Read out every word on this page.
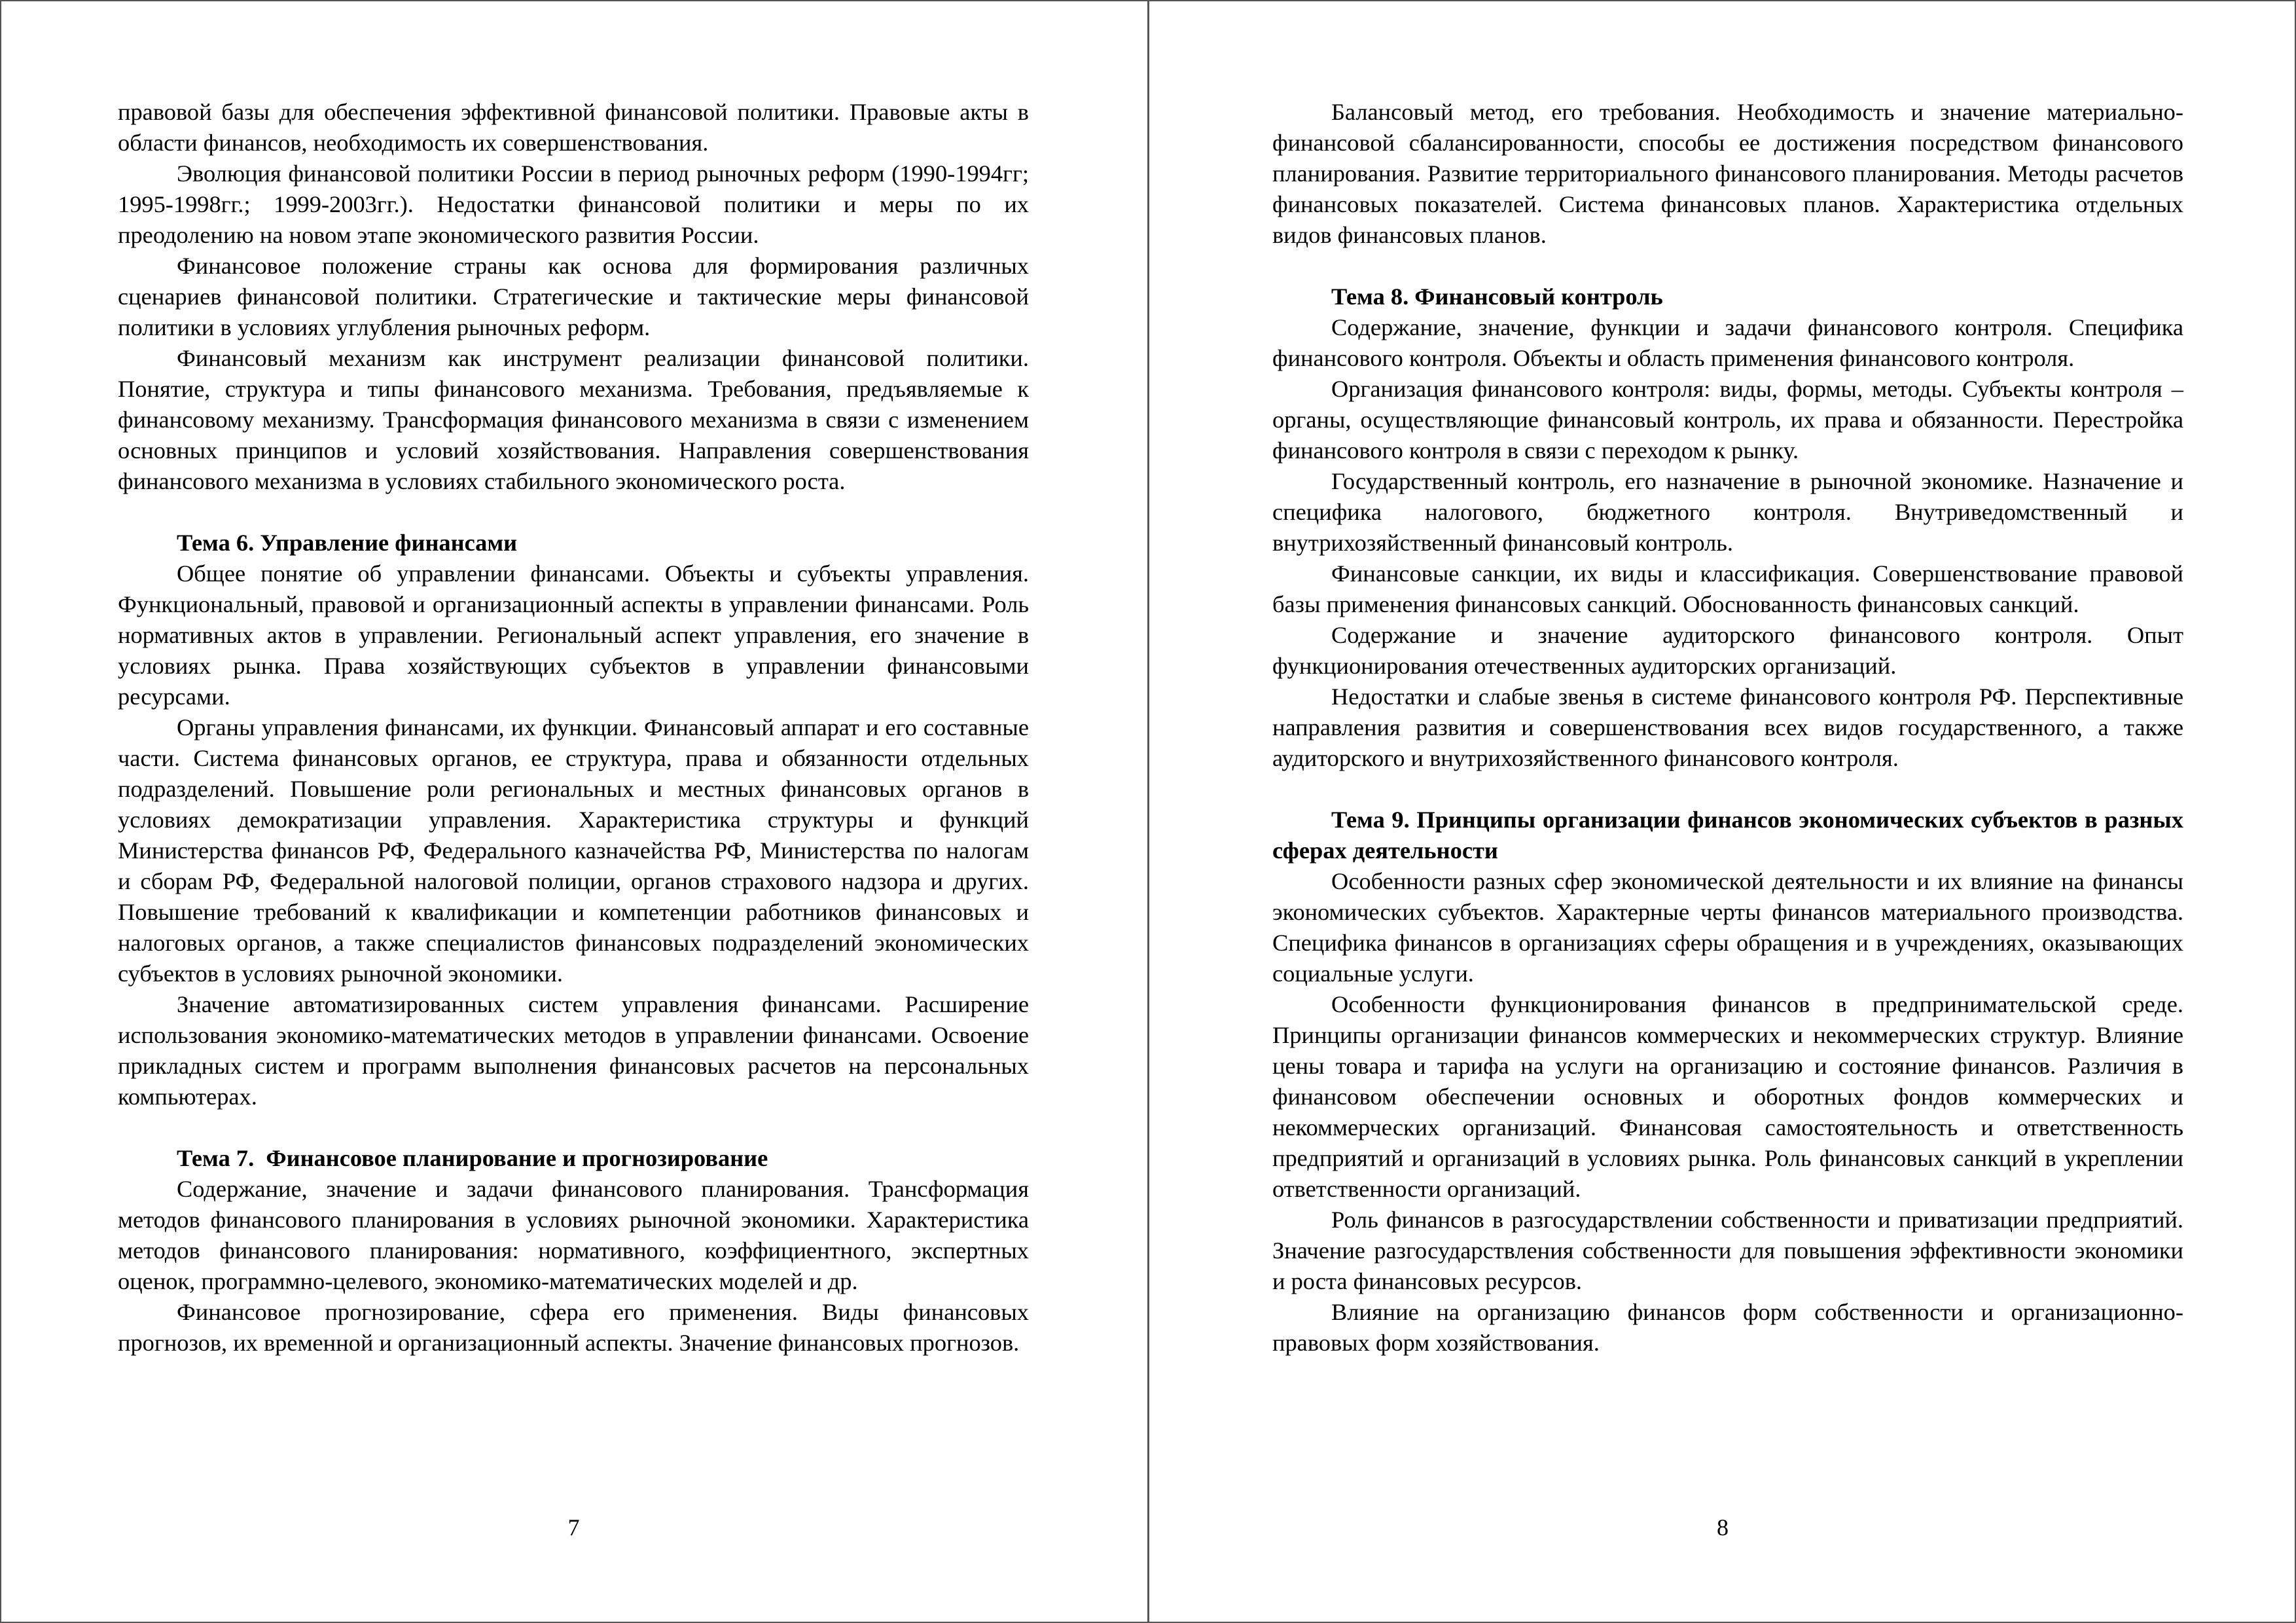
правовой базы для обеспечения эффективной финансовой политики. Правовые акты в области финансов, необходимость их совершенствования.

Эволюция финансовой политики России в период рыночных реформ (1990-1994гг; 1995-1998гг.; 1999-2003гг.). Недостатки финансовой политики и меры по их преодолению на новом этапе экономического развития России.

Финансовое положение страны как основа для формирования различных сценариев финансовой политики. Стратегические и тактические меры финансовой политики в условиях углубления рыночных реформ.

Финансовый механизм как инструмент реализации финансовой политики. Понятие, структура и типы финансового механизма. Требования, предъявляемые к финансовому механизму. Трансформация финансового механизма в связи с изменением основных принципов и условий хозяйствования. Направления совершенствования финансового механизма в условиях стабильного экономического роста.

Тема 6. Управление финансами

Общее понятие об управлении финансами. Объекты и субъекты управления. Функциональный, правовой и организационный аспекты в управлении финансами. Роль нормативных актов в управлении. Региональный аспект управления, его значение в условиях рынка. Права хозяйствующих субъектов в управлении финансовыми ресурсами.

Органы управления финансами, их функции. Финансовый аппарат и его составные части. Система финансовых органов, ее структура, права и обязанности отдельных подразделений. Повышение роли региональных и местных финансовых органов в условиях демократизации управления. Характеристика структуры и функций Министерства финансов РФ, Федерального казначейства РФ, Министерства по налогам и сборам РФ, Федеральной налоговой полиции, органов страхового надзора и других. Повышение требований к квалификации и компетенции работников финансовых и налоговых органов, а также специалистов финансовых подразделений экономических субъектов в условиях рыночной экономики.

Значение автоматизированных систем управления финансами. Расширение использования экономико-математических методов в управлении финансами. Освоение прикладных систем и программ выполнения финансовых расчетов на персональных компьютерах.

Тема 7.  Финансовое планирование и прогнозирование

Содержание, значение и задачи финансового планирования. Трансформация методов финансового планирования в условиях рыночной экономики. Характеристика методов финансового планирования: нормативного, коэффициентного, экспертных оценок, программно-целевого, экономико-математических моделей и др.

Финансовое прогнозирование, сфера его применения. Виды финансовых прогнозов, их временной и организационный аспекты. Значение финансовых прогнозов.

7

Балансовый метод, его требования. Необходимость и значение материально-финансовой сбалансированности, способы ее достижения посредством финансового планирования. Развитие территориального финансового планирования. Методы расчетов финансовых показателей. Система финансовых планов. Характеристика отдельных видов финансовых планов.

Тема 8. Финансовый контроль

Содержание, значение, функции и задачи финансового контроля. Специфика финансового контроля. Объекты и область применения финансового контроля.

Организация финансового контроля: виды, формы, методы. Субъекты контроля – органы, осуществляющие финансовый контроль, их права и обязанности. Перестройка финансового контроля в связи с переходом к рынку.

Государственный контроль, его назначение в рыночной экономике. Назначение и специфика налогового, бюджетного контроля. Внутриведомственный и внутрихозяйственный финансовый контроль.

Финансовые санкции, их виды и классификация. Совершенствование правовой базы применения финансовых санкций. Обоснованность финансовых санкций.

Содержание и значение аудиторского финансового контроля. Опыт функционирования отечественных аудиторских организаций.

Недостатки и слабые звенья в системе финансового контроля РФ. Перспективные направления развития и совершенствования всех видов государственного, а также аудиторского и внутрихозяйственного финансового контроля.

Тема 9. Принципы организации финансов экономических субъектов в разных сферах деятельности

Особенности разных сфер экономической деятельности и их влияние на финансы экономических субъектов. Характерные черты финансов материального производства. Специфика финансов в организациях сферы обращения и в учреждениях, оказывающих социальные услуги.

Особенности функционирования финансов в предпринимательской среде. Принципы организации финансов коммерческих и некоммерческих структур. Влияние цены товара и тарифа на услуги на организацию и состояние финансов. Различия в финансовом обеспечении основных и оборотных фондов коммерческих и некоммерческих организаций. Финансовая самостоятельность и ответственность предприятий и организаций в условиях рынка. Роль финансовых санкций в укреплении ответственности организаций.

Роль финансов в разгосударствлении собственности и приватизации предприятий. Значение разгосударствления собственности для повышения эффективности экономики и роста финансовых ресурсов.

Влияние на организацию финансов форм собственности и организационно-правовых форм хозяйствования.

8
